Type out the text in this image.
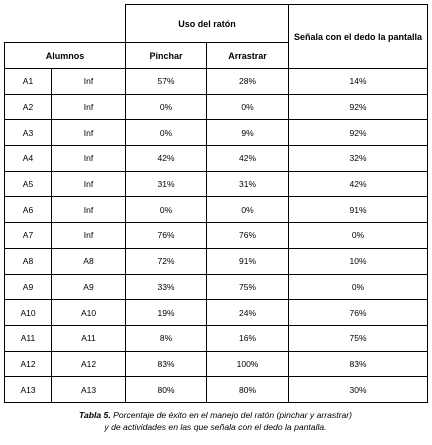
		Uso del ratón		Señala con el dedo la pantalla
Alumnos		Pinchar	Arrastrar	
A1	Inf	57%	28%	14%
A2	Inf	0%	0%	92%
A3	Inf	0%	9%	92%
A4	Inf	42%	42%	32%
A5	Inf	31%	31%	42%
A6	Inf	0%	0%	91%
A7	Inf	76%	76%	0%
A8	A8	72%	91%	10%
A9	A9	33%	75%	0%
A10	A10	19%	24%	76%
A11	A11	8%	16%	75%
A12	A12	83%	100%	83%
A13	A13	80%	80%	30%
Tabla 5. Porcentaje de éxito en el manejo del ratón (pinchar y arrastrar)
y de actividades en las que señala con el dedo la pantalla.
